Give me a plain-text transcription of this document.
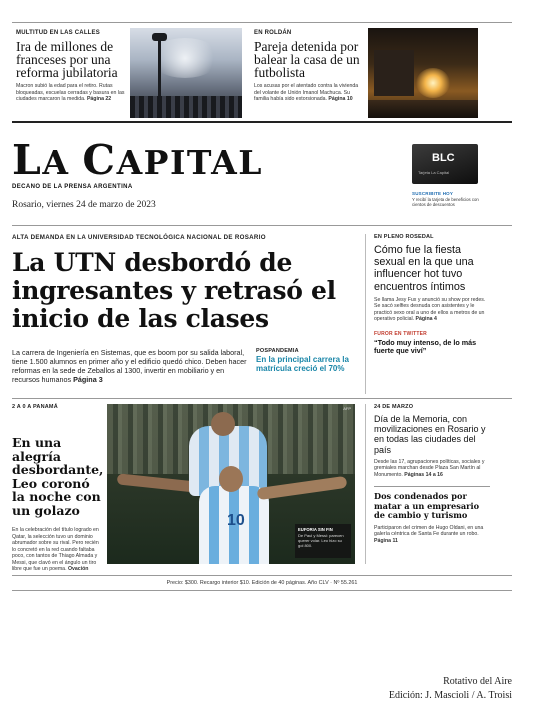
MULTITUD EN LAS CALLES
Ira de millones de franceses por una reforma jubilatoria
Macron subió la edad para el retiro. Rutas bloqueadas, escuelas cerradas y basura en las ciudades marcaron la medida. Página 22
EN ROLDÁN
Pareja detenida por balear la casa de un futbolista
Los acusas por el atentado contra la vivienda del volante de Unión Imanol Machuca. Su familia había sido extorsionada. Página 10
LA CAPITAL
DECANO DE LA PRENSA ARGENTINA
Rosario, viernes 24 de marzo de 2023
BLC
Tarjeta La Capital
SUSCRIBITE HOY
Y recibí la tarjeta de beneficios con cientos de descuentos
ALTA DEMANDA EN LA UNIVERSIDAD TECNOLÓGICA NACIONAL DE ROSARIO
La UTN desbordó de ingresantes y retrasó el inicio de las clases
La carrera de Ingeniería en Sistemas, que es boom por su salida laboral, tiene 1.500 alumnos en primer año y el edificio quedó chico. Deben hacer reformas en la sede de Zeballos al 1300, invertir en mobiliario y en recursos humanos Página 3
POSPANDEMIA
En la principal carrera la matrícula creció el 70%
EN PLENO ROSEDAL
Cómo fue la fiesta sexual en la que una influencer hot tuvo encuentros íntimos
Se llama Jesy Fux y anunció su show por redes. Se sacó selfies desnuda con asistentes y le practicó sexo oral a uno de ellos a metros de un operativo policial. Página 4
FUROR EN TWITTER
“Todo muy intenso, de lo más fuerte que viví”
2 A 0 A PANAMÁ
En una alegría desbordante, Leo coronó la noche con un golazo
En la celebración del título logrado en Qatar, la selección tuvo un dominio abrumador sobre su rival. Pero recién lo concretó en la red cuando faltaba poco, con tantos de Thiago Almada y Messi, que clavó en el ángulo un tiro libre que fue un poema. Ovación
10
AFP
EUFORIA SIN FIN
De Paul y Messi: parecen querer volar. Leo hizo su gol 800.
24 DE MARZO
Día de la Memoria, con movilizaciones en Rosario y en todas las ciudades del país
Desde las 17, agrupaciones políticas, sociales y gremiales marchan desde Plaza San Martín al Monumento. Páginas 14 a 16
Dos condenados por matar a un empresario de cambio y turismo
Participaron del crimen de Hugo Oldani, en una galería céntrica de Santa Fe durante un robo. Página 11
Precio: $300. Recargo interior $10. Edición de 40 páginas. Año CLV · Nº 55.261
Rotativo del Aire
Edición: J. Mascioli / A. Troisi
